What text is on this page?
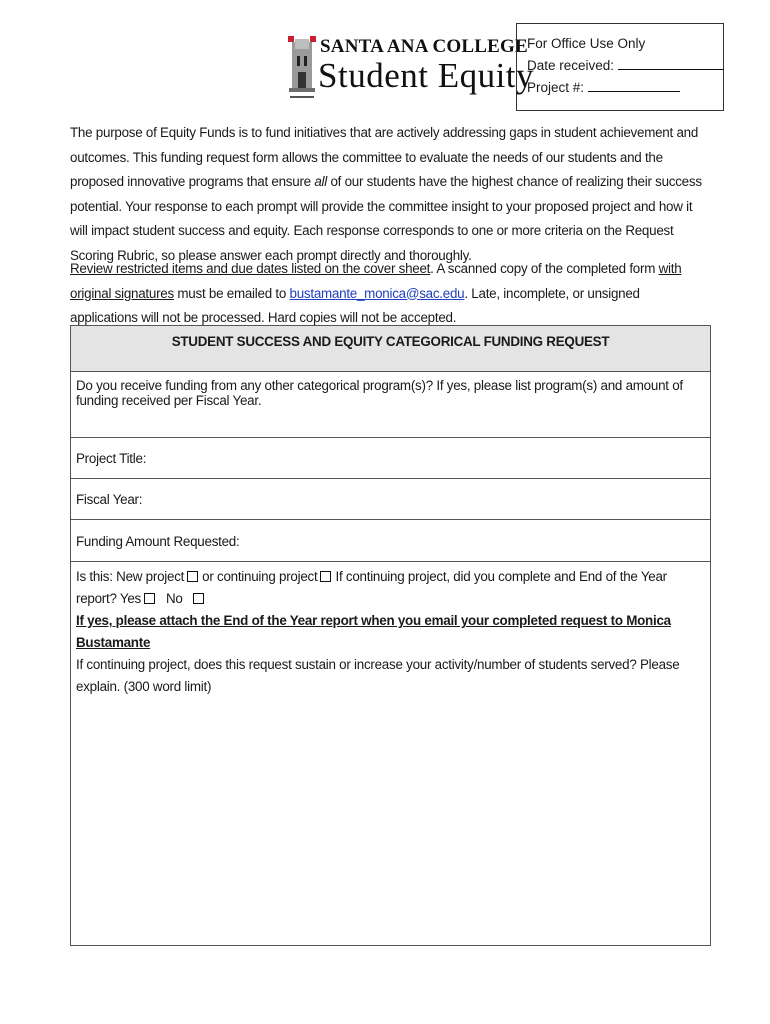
SANTA ANA COLLEGE
Student Equity
For Office Use Only
Date received:
Project #:
The purpose of Equity Funds is to fund initiatives that are actively addressing gaps in student achievement and outcomes. This funding request form allows the committee to evaluate the needs of our students and the proposed innovative programs that ensure all of our students have the highest chance of realizing their success potential. Your response to each prompt will provide the committee insight to your proposed project and how it will impact student success and equity. Each response corresponds to one or more criteria on the Request Scoring Rubric, so please answer each prompt directly and thoroughly.
Review restricted items and due dates listed on the cover sheet. A scanned copy of the completed form with original signatures must be emailed to bustamante_monica@sac.edu. Late, incomplete, or unsigned applications will not be processed. Hard copies will not be accepted.
STUDENT SUCCESS AND EQUITY CATEGORICAL FUNDING REQUEST
Do you receive funding from any other categorical program(s)? If yes, please list program(s) and amount of funding received per Fiscal Year.
Project Title:
Fiscal Year:
Funding Amount Requested:
Is this: New project or continuing project If continuing project, did you complete and End of the Year report? Yes No
If yes, please attach the End of the Year report when you email your completed request to Monica Bustamante
If continuing project, does this request sustain or increase your activity/number of students served? Please explain. (300 word limit)
